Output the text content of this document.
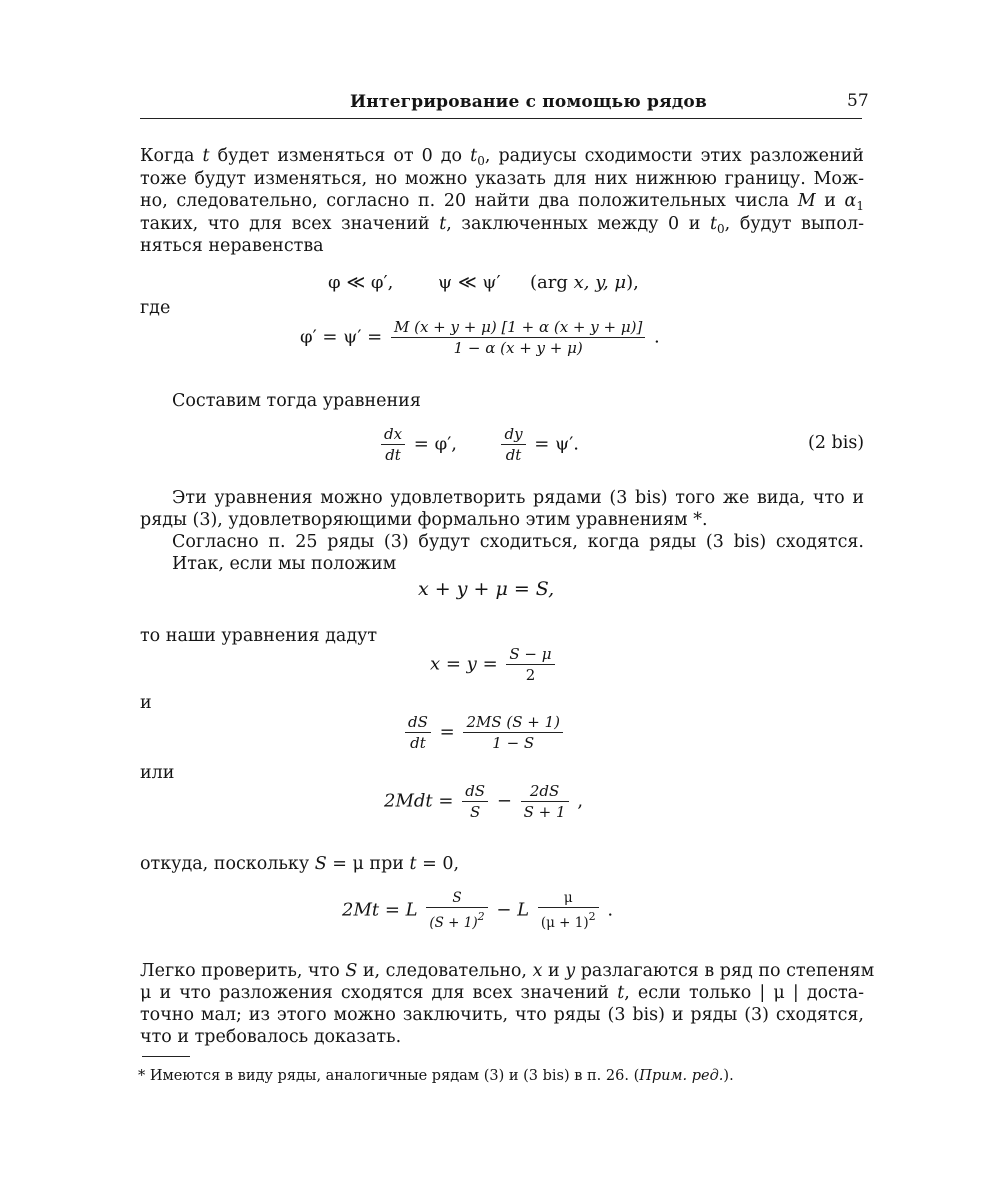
Интегрирование с помощью рядов	57
Когда t будет изменяться от 0 до $t_0$, радиусы сходимости этих разложений
тоже будут изменяться, но можно указать для них нижнюю границу. Мож-
но, следовательно, согласно п. 20 найти два положительных числа M и $\alpha_1$
таких, что для всех значений t, заключенных между 0 и $t_0$, будут выпол-
няться неравенства
φ ≪ φ′, ψ ≪ ψ′ (arg x, y, μ),
где
$\varphi' = \psi' = \frac{M (x + y + \mu) [1 + \alpha (x + y + \mu)]}{1 - \alpha (x + y + \mu)}$ .
Составим тогда уравнения
$\frac{dx}{dt} = \varphi'$,	$\frac{dy}{dt} = \psi'$.	(2 bis)
Эти уравнения можно удовлетворить рядами (3 bis) того же вида, что и
ряды (3), удовлетворяющими формально этим уравнениям *.
Согласно п. 25 ряды (3) будут сходиться, когда ряды (3 bis) сходятся.
Итак, если мы положим
x + y + μ = S,
то наши уравнения дадут
$x = y = \frac{S - \mu}{2}$
и
$\frac{dS}{dt} = \frac{2MS (S + 1)}{1 - S}$
или
$2Mdt = \frac{dS}{S} - \frac{2dS}{S + 1}$ ,
откуда, поскольку S = μ при t = 0,
2Mt = L $\frac{S}{(S + 1)^2} - L \frac{\mu}{(\mu + 1)^2}$ .
Легко проверить, что S и, следовательно, x и y разлагаются в ряд по степеням
μ и что разложения сходятся для всех значений t, если только | μ | доста-
точно мал; из этого можно заключить, что ряды (3 bis) и ряды (3) сходятся,
что и требовалось доказать.
* Имеются в виду ряды, аналогичные рядам (3) и (3 bis) в п. 26. (Прим. ред.).
